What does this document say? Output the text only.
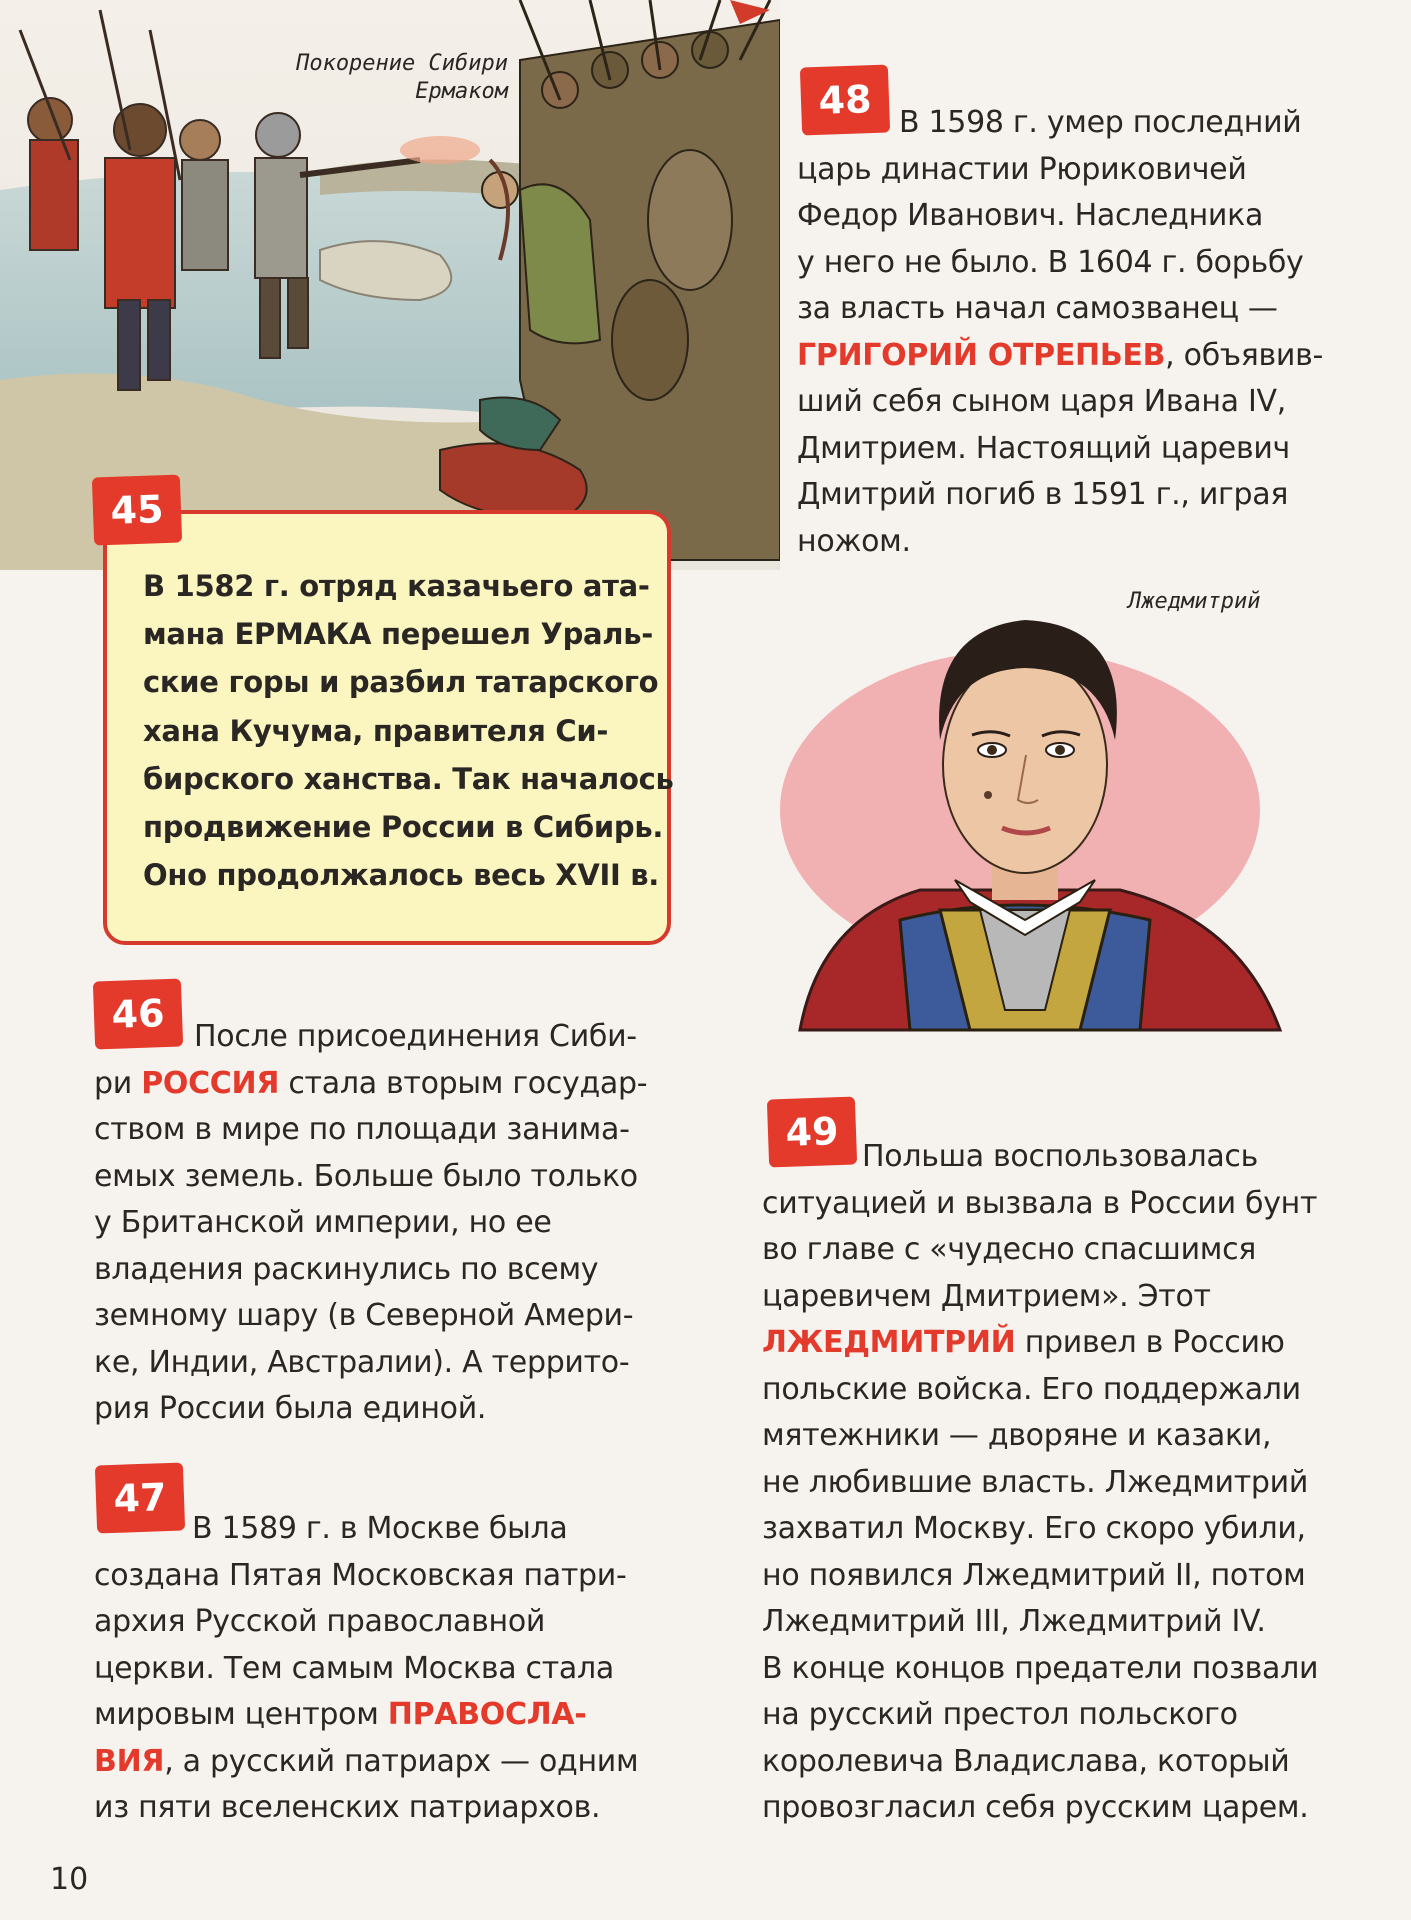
Покорение Сибири
Ермаком
В 1582 г. отряд казачьего ата-
мана ЕРМАКА перешел Ураль-
ские горы и разбил татарского
хана Кучума, правителя Си-
бирского ханства. Так началось
продвижение России в Сибирь.
Оно продолжалось весь XVII в.
45
46 После присоединения Сиби-
ри РОССИЯ стала вторым государ-
ством в мире по площади занима-
емых земель. Больше было только
у Британской империи, но ее
владения раскинулись по всему
земному шару (в Северной Амери-
ке, Индии, Австралии). А террито-
рия России была единой.
47
В 1589 г. в Москве была
создана Пятая Московская патри-
архия Русской православной
церкви. Тем самым Москва стала
мировым центром ПРАВОСЛА-
ВИЯ, а русский патриарх — одним
из пяти вселенских патриархов.
48 В 1598 г. умер последний
царь династии Рюриковичей
Федор Иванович. Наследника
у него не было. В 1604 г. борьбу
за власть начал самозванец —
ГРИГОРИЙ ОТРЕПЬЕВ, объявив-
ший себя сыном царя Ивана IV,
Дмитрием. Настоящий царевич
Дмитрий погиб в 1591 г., играя
ножом.
Лжедмитрий
49
Польша воспользовалась
ситуацией и вызвала в России бунт
во главе с «чудесно спасшимся
царевичем Дмитрием». Этот
ЛЖЕДМИТРИЙ привел в Россию
польские войска. Его поддержали
мятежники — дворяне и казаки,
не любившие власть. Лжедмитрий
захватил Москву. Его скоро убили,
но появился Лжедмитрий II, потом
Лжедмитрий III, Лжедмитрий IV.
В конце концов предатели позвали
на русский престол польского
королевича Владислава, который
провозгласил себя русским царем.
10
